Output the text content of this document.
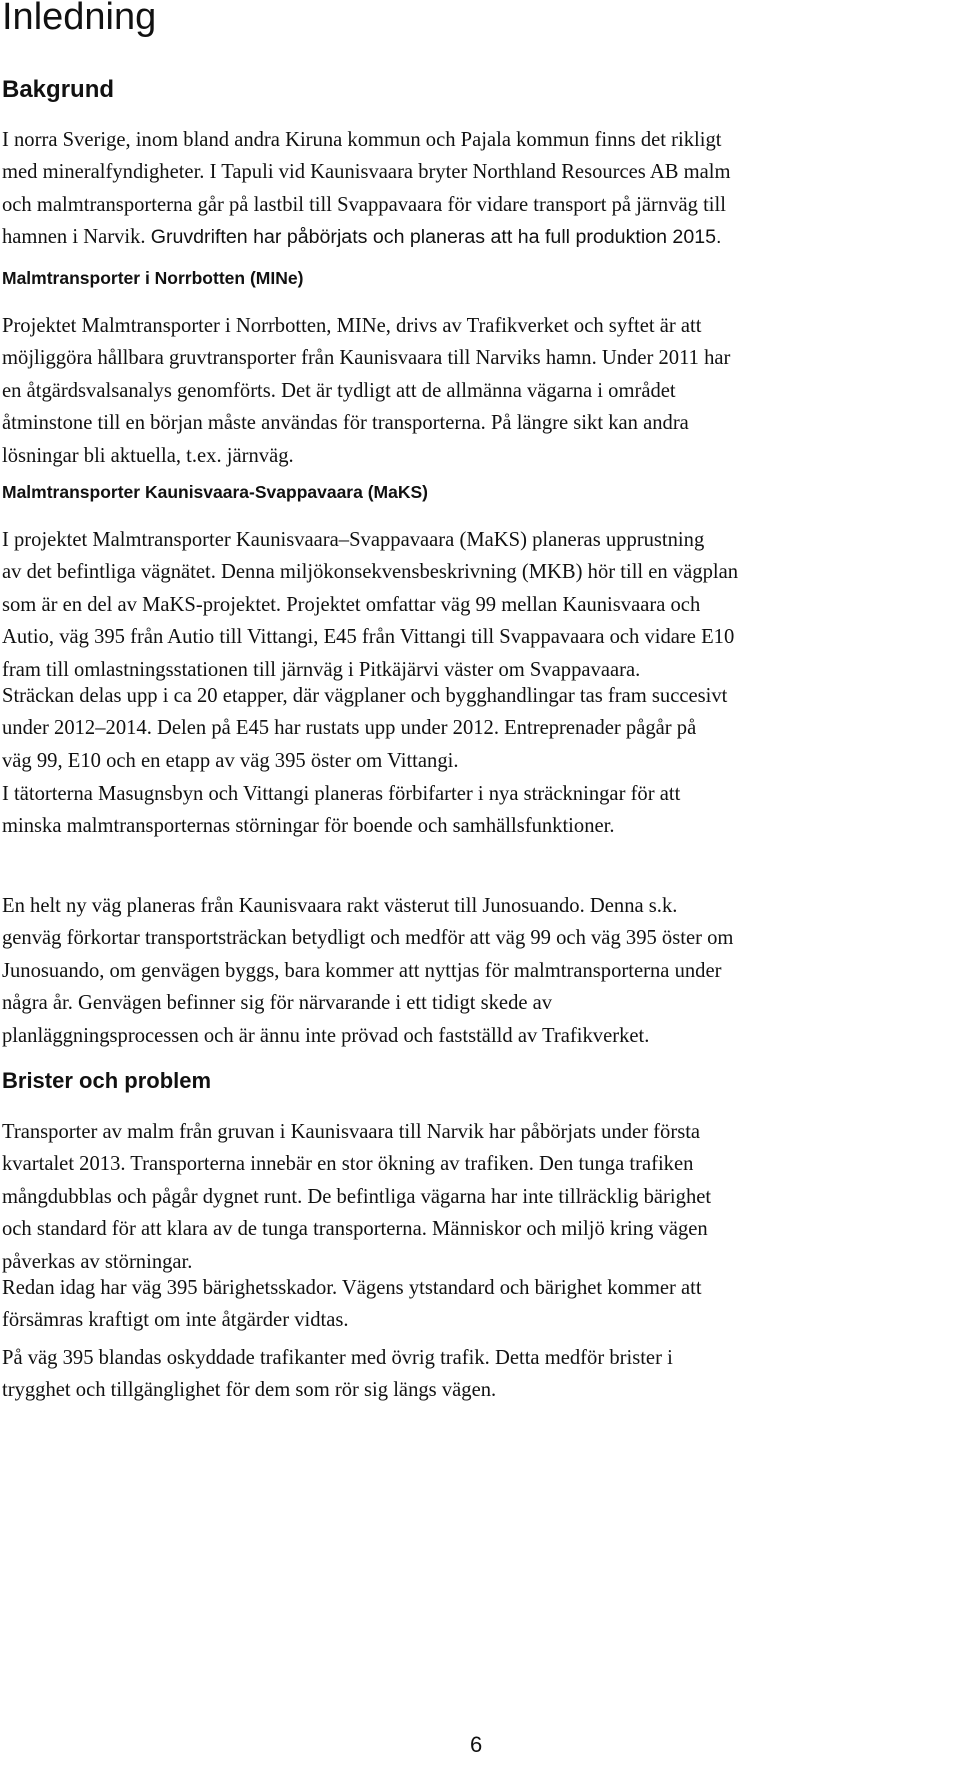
Inledning
Bakgrund
I norra Sverige, inom bland andra Kiruna kommun och Pajala kommun finns det rikligt
med mineralfyndigheter. I Tapuli vid Kaunisvaara bryter Northland Resources AB malm
och malmtransporterna går på lastbil till Svappavaara för vidare transport på järnväg till
hamnen i Narvik. Gruvdriften har påbörjats och planeras att ha full produktion 2015.
Malmtransporter i Norrbotten (MINe)
Projektet Malmtransporter i Norrbotten, MINe, drivs av Trafikverket och syftet är att
möjliggöra hållbara gruvtransporter från Kaunisvaara till Narviks hamn. Under 2011 har
en åtgärdsvalsanalys genomförts. Det är tydligt att de allmänna vägarna i området
åtminstone till en början måste användas för transporterna. På längre sikt kan andra
lösningar bli aktuella, t.ex. järnväg.
Malmtransporter Kaunisvaara-Svappavaara (MaKS)
I projektet Malmtransporter Kaunisvaara–Svappavaara (MaKS) planeras upprustning
av det befintliga vägnätet. Denna miljökonsekvensbeskrivning (MKB) hör till en vägplan
som är en del av MaKS-projektet. Projektet omfattar väg 99 mellan Kaunisvaara och
Autio, väg 395 från Autio till Vittangi, E45 från Vittangi till Svappavaara och vidare E10
fram till omlastningsstationen till järnväg i Pitkäjärvi väster om Svappavaara.
Sträckan delas upp i ca 20 etapper, där vägplaner och bygghandlingar tas fram succesivt
under 2012–2014. Delen på E45 har rustats upp under 2012. Entreprenader pågår på
väg 99, E10 och en etapp av väg 395 öster om Vittangi.
I tätorterna Masugnsbyn och Vittangi planeras förbifarter i nya sträckningar för att
minska malmtransporternas störningar för boende och samhällsfunktioner.
En helt ny väg planeras från Kaunisvaara rakt västerut till Junosuando. Denna s.k.
genväg förkortar transportsträckan betydligt och medför att väg 99 och väg 395 öster om
Junosuando, om genvägen byggs, bara kommer att nyttjas för malmtransporterna under
några år. Genvägen befinner sig för närvarande i ett tidigt skede av
planläggningsprocessen och är ännu inte prövad och fastställd av Trafikverket.
Brister och problem
Transporter av malm från gruvan i Kaunisvaara till Narvik har påbörjats under första
kvartalet 2013. Transporterna innebär en stor ökning av trafiken. Den tunga trafiken
mångdubblas och pågår dygnet runt. De befintliga vägarna har inte tillräcklig bärighet
och standard för att klara av de tunga transporterna. Människor och miljö kring vägen
påverkas av störningar.
Redan idag har väg 395 bärighetsskador. Vägens ytstandard och bärighet kommer att
försämras kraftigt om inte åtgärder vidtas.
På väg 395 blandas oskyddade trafikanter med övrig trafik. Detta medför brister i
trygghet och tillgänglighet för dem som rör sig längs vägen.
6
